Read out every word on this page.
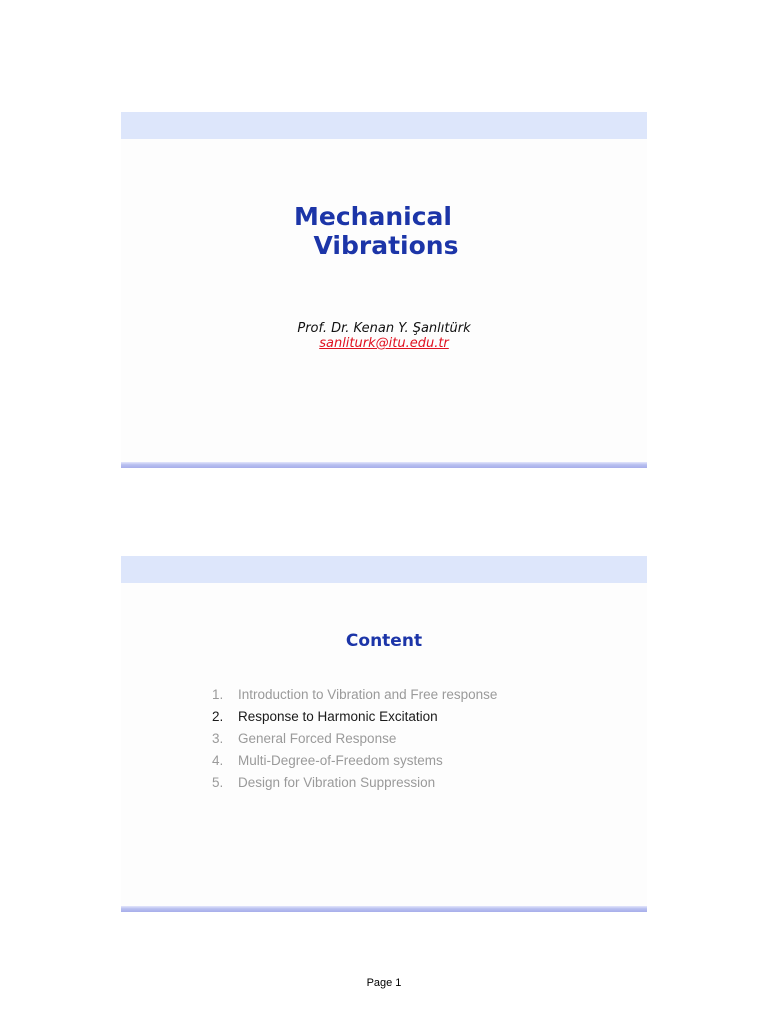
Mechanical
Vibrations
Prof. Dr. Kenan Y. Şanlıtürk
sanliturk@itu.edu.tr
Content
1. Introduction to Vibration and Free response
2. Response to Harmonic Excitation
3. General Forced Response
4. Multi-Degree-of-Freedom systems
5. Design for Vibration Suppression
Page 1
